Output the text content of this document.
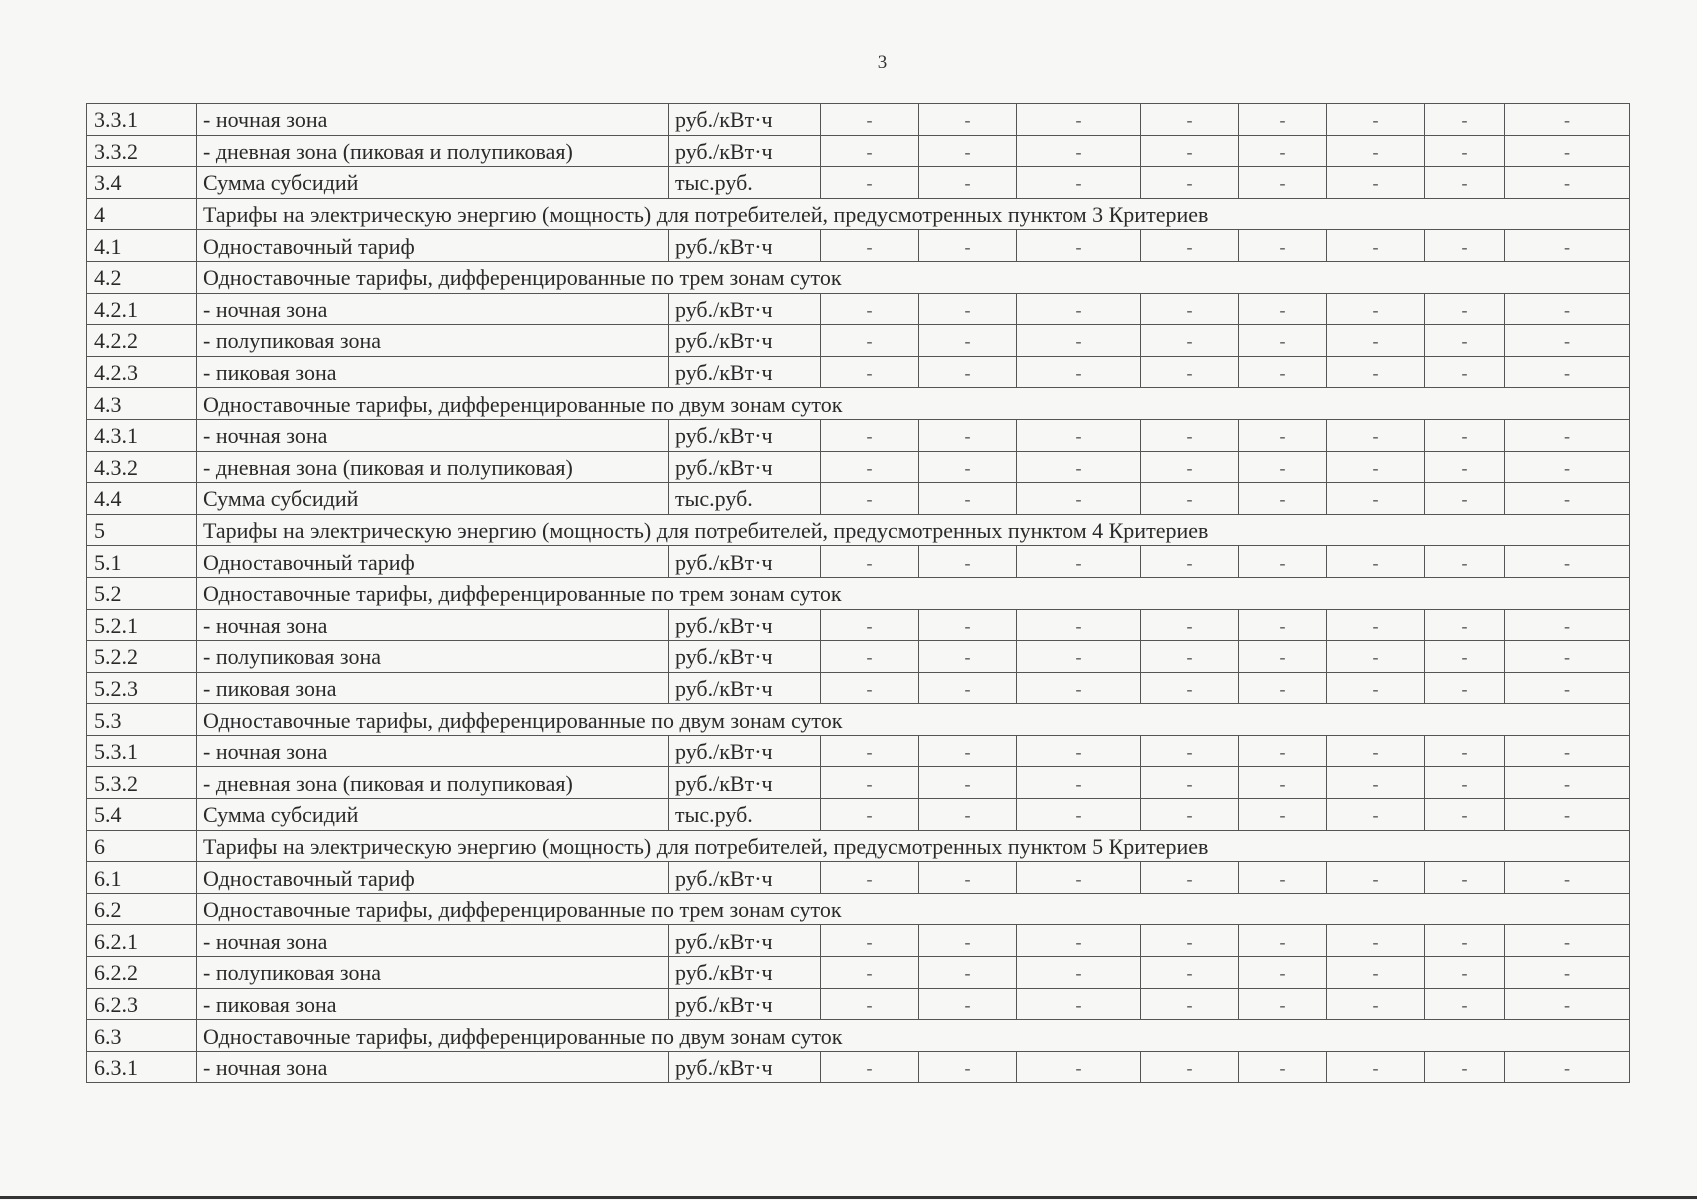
3
3.3.1	- ночная зона	руб./кВт·ч	-	-	-	-	-	-	-	-
3.3.2	- дневная зона (пиковая и полупиковая)	руб./кВт·ч	-	-	-	-	-	-	-	-
3.4	Сумма субсидий	тыс.руб.	-	-	-	-	-	-	-	-
4	Тарифы на электрическую энергию (мощность) для потребителей, предусмотренных пунктом 3 Критериев									
4.1	Одноставочный тариф	руб./кВт·ч	-	-	-	-	-	-	-	-
4.2	Одноставочные тарифы, дифференцированные по трем зонам суток									
4.2.1	- ночная зона	руб./кВт·ч	-	-	-	-	-	-	-	-
4.2.2	- полупиковая зона	руб./кВт·ч	-	-	-	-	-	-	-	-
4.2.3	- пиковая зона	руб./кВт·ч	-	-	-	-	-	-	-	-
4.3	Одноставочные тарифы, дифференцированные по двум зонам суток									
4.3.1	- ночная зона	руб./кВт·ч	-	-	-	-	-	-	-	-
4.3.2	- дневная зона (пиковая и полупиковая)	руб./кВт·ч	-	-	-	-	-	-	-	-
4.4	Сумма субсидий	тыс.руб.	-	-	-	-	-	-	-	-
5	Тарифы на электрическую энергию (мощность) для потребителей, предусмотренных пунктом 4 Критериев									
5.1	Одноставочный тариф	руб./кВт·ч	-	-	-	-	-	-	-	-
5.2	Одноставочные тарифы, дифференцированные по трем зонам суток									
5.2.1	- ночная зона	руб./кВт·ч	-	-	-	-	-	-	-	-
5.2.2	- полупиковая зона	руб./кВт·ч	-	-	-	-	-	-	-	-
5.2.3	- пиковая зона	руб./кВт·ч	-	-	-	-	-	-	-	-
5.3	Одноставочные тарифы, дифференцированные по двум зонам суток									
5.3.1	- ночная зона	руб./кВт·ч	-	-	-	-	-	-	-	-
5.3.2	- дневная зона (пиковая и полупиковая)	руб./кВт·ч	-	-	-	-	-	-	-	-
5.4	Сумма субсидий	тыс.руб.	-	-	-	-	-	-	-	-
6	Тарифы на электрическую энергию (мощность) для потребителей, предусмотренных пунктом 5 Критериев									
6.1	Одноставочный тариф	руб./кВт·ч	-	-	-	-	-	-	-	-
6.2	Одноставочные тарифы, дифференцированные по трем зонам суток									
6.2.1	- ночная зона	руб./кВт·ч	-	-	-	-	-	-	-	-
6.2.2	- полупиковая зона	руб./кВт·ч	-	-	-	-	-	-	-	-
6.2.3	- пиковая зона	руб./кВт·ч	-	-	-	-	-	-	-	-
6.3	Одноставочные тарифы, дифференцированные по двум зонам суток									
6.3.1	- ночная зона	руб./кВт·ч	-	-	-	-	-	-	-	-
